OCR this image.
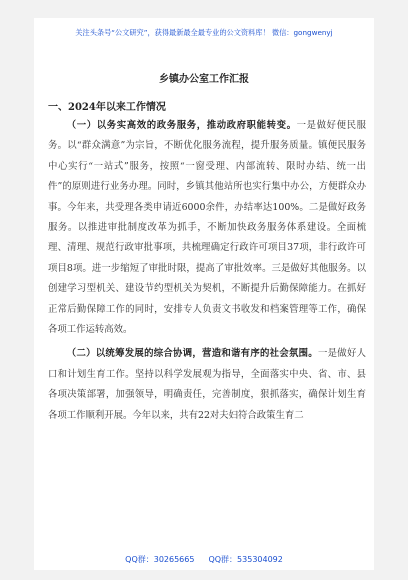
关注头条号“公文研究”，获得最新最全最专业的公文资料库！ 微信：gongwenyj
乡镇办公室工作汇报
一、2024年以来工作情况

（一）以务实高效的政务服务，推动政府职能转变。一是做好便民服务。以“群众满意”为宗旨，不断优化服务流程，提升服务质量。镇便民服务中心实行“一站式”服务，按照“一窗受理、内部流转、限时办结、统一出件”的原则进行业务办理。同时，乡镇其他站所也实行集中办公，方便群众办事。今年来，共受理各类申请近6000余件，办结率达100%。二是做好政务服务。以推进审批制度改革为抓手，不断加快政务服务体系建设。全面梳理、清理、规范行政审批事项，共梳理确定行政许可项目37项，非行政许可项目8项。进一步缩短了审批时限，提高了审批效率。三是做好其他服务。以创建学习型机关、建设节约型机关为契机，不断提升后勤保障能力。在抓好正常后勤保障工作的同时，安排专人负责文书收发和档案管理等工作，确保各项工作运转高效。

（二）以统筹发展的综合协调，营造和谐有序的社会氛围。一是做好人口和计划生育工作。坚持以科学发展观为指导，全面落实中央、省、市、县各项决策部署，加强领导，明确责任，完善制度，狠抓落实，确保计划生育各项工作顺利开展。今年以来，共有22对夫妇符合政策生育二

QQ群：30265665 QQ群：535304092
